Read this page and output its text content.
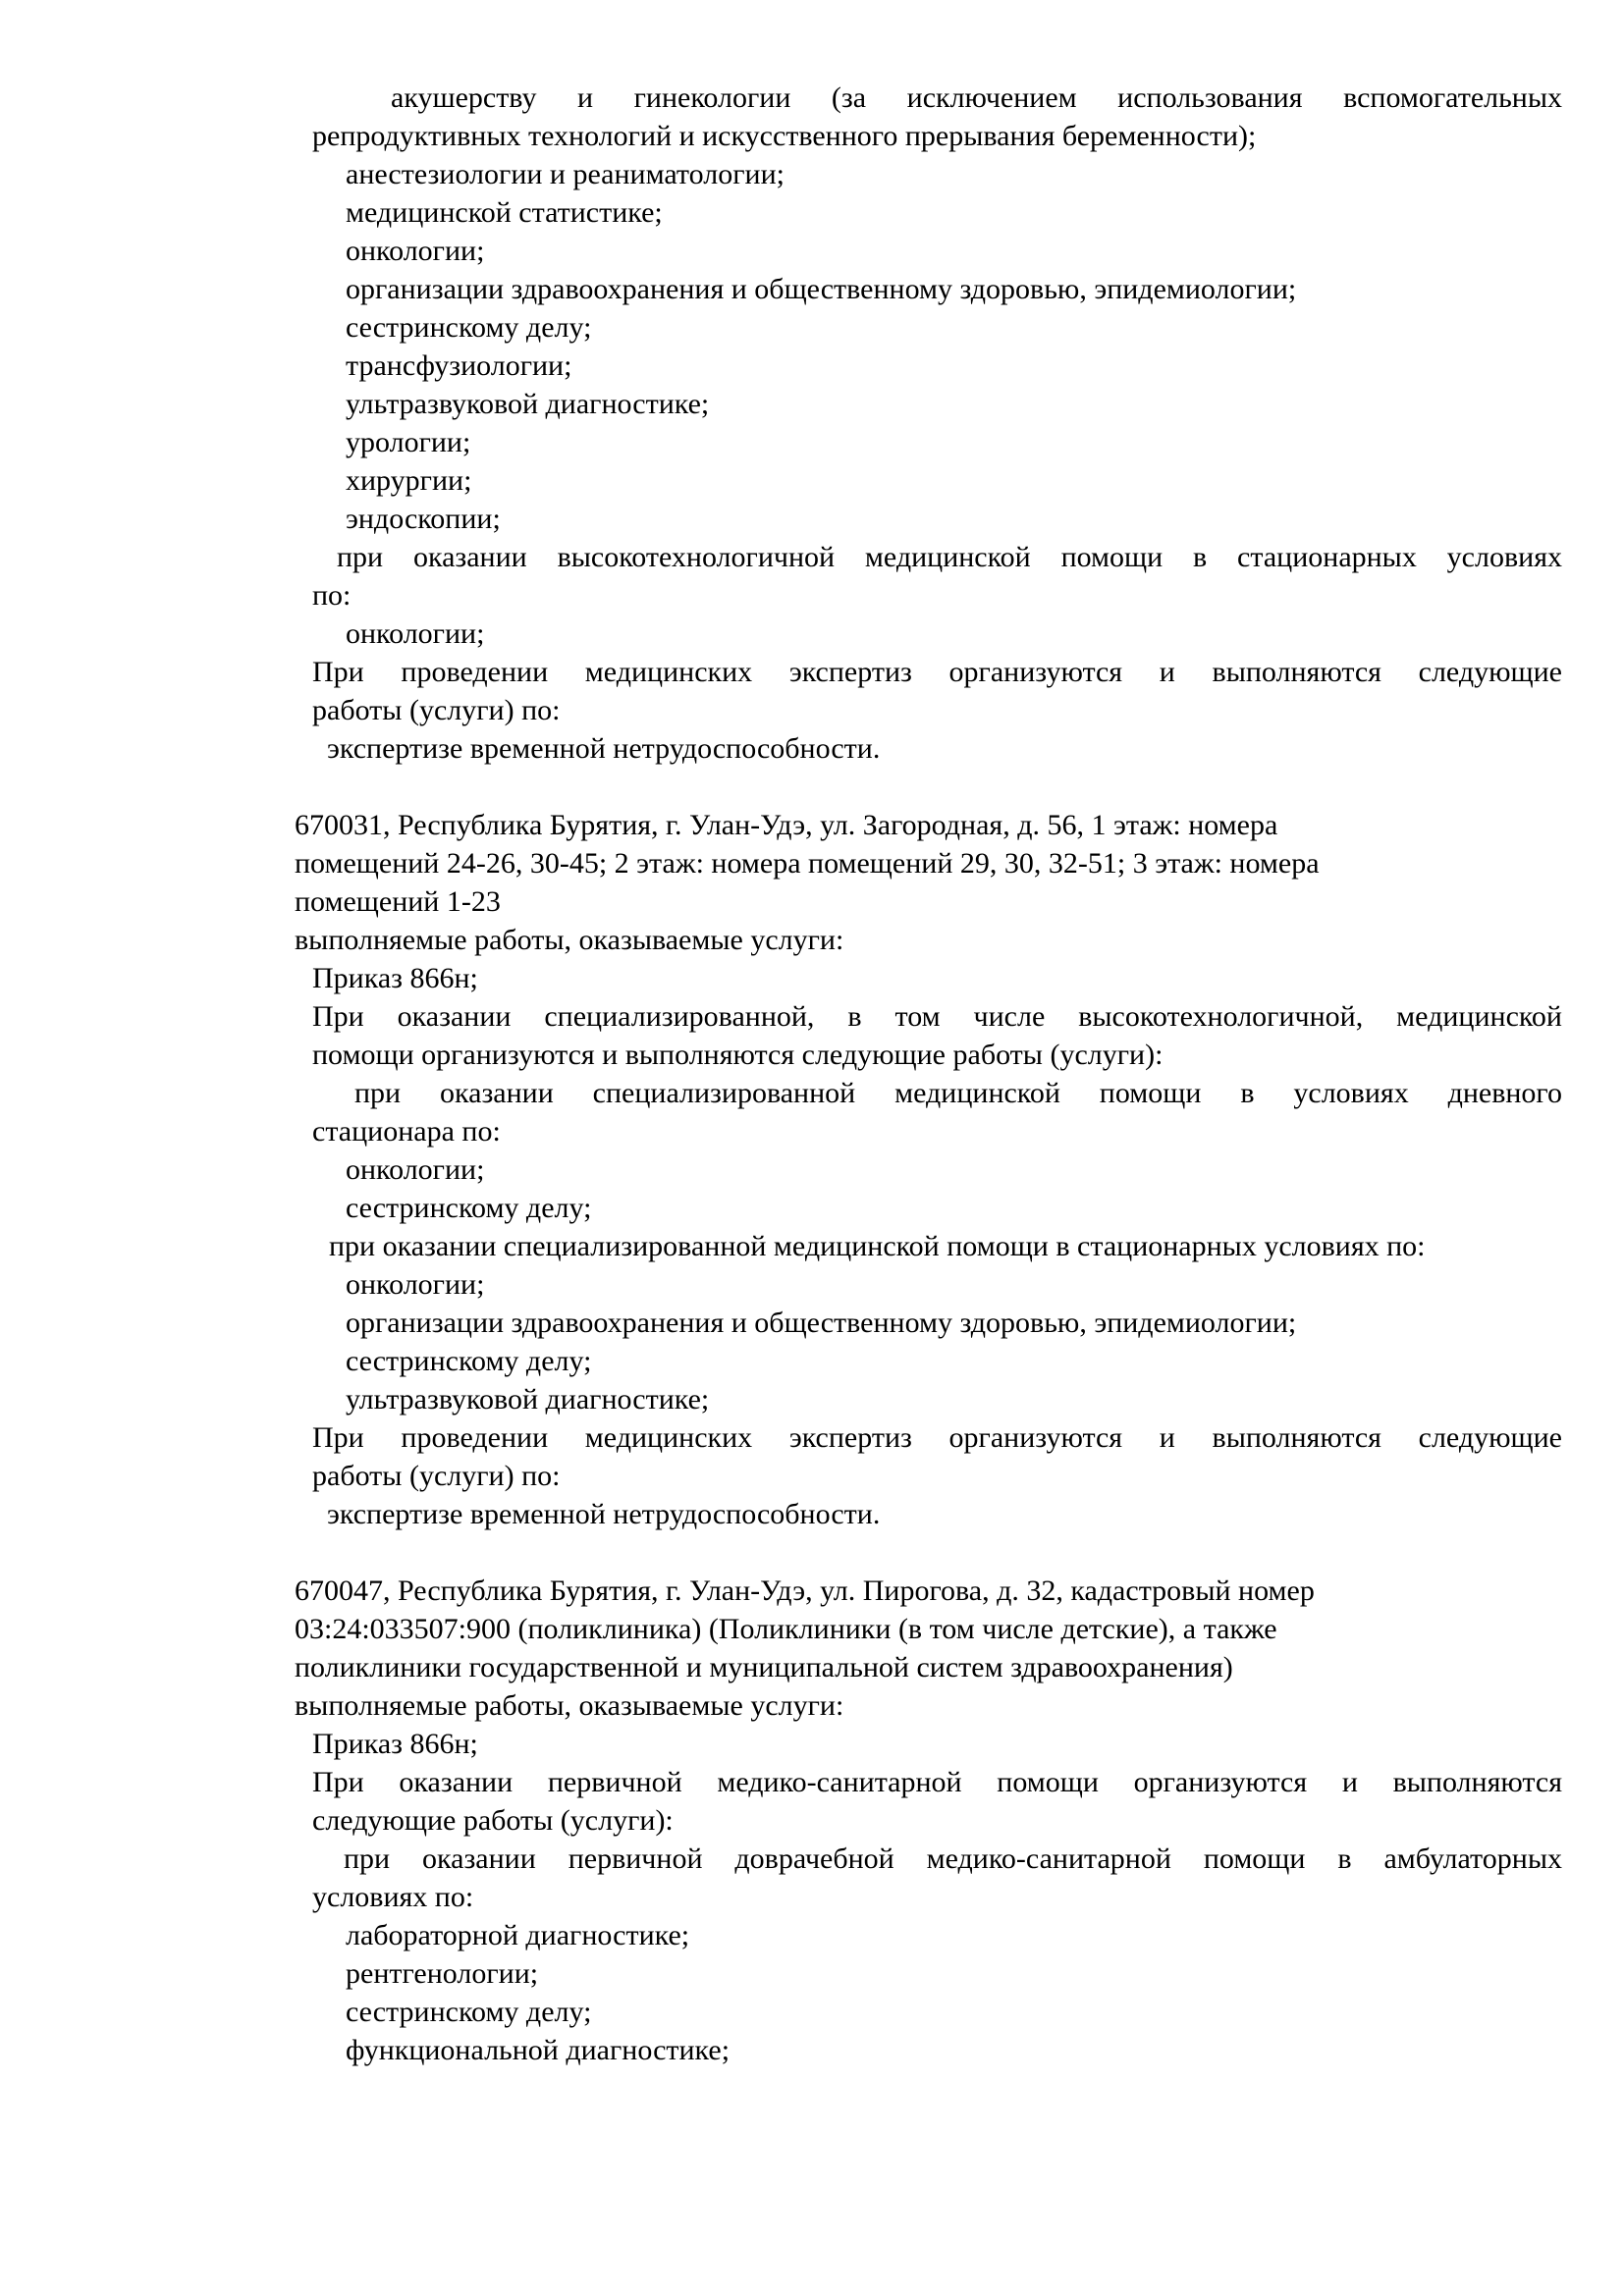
акушерству и гинекологии (за исключением использования вспомогательных
репродуктивных технологий и искусственного прерывания беременности);
анестезиологии и реаниматологии;
медицинской статистике;
онкологии;
организации здравоохранения и общественному здоровью, эпидемиологии;
сестринскому делу;
трансфузиологии;
ультразвуковой диагностике;
урологии;
хирургии;
эндоскопии;
при оказании высокотехнологичной медицинской помощи в стационарных условиях
по:
онкологии;
При проведении медицинских экспертиз организуются и выполняются следующие
работы (услуги) по:
экспертизе временной нетрудоспособности.
670031, Республика Бурятия, г. Улан-Удэ, ул. Загородная, д. 56, 1 этаж: номера
помещений 24-26, 30-45; 2 этаж: номера помещений 29, 30, 32-51; 3 этаж: номера
помещений 1-23
выполняемые работы, оказываемые услуги:
Приказ 866н;
При оказании специализированной, в том числе высокотехнологичной, медицинской
помощи организуются и выполняются следующие работы (услуги):
при оказании специализированной медицинской помощи в условиях дневного
стационара по:
онкологии;
сестринскому делу;
при оказании специализированной медицинской помощи в стационарных условиях по:
онкологии;
организации здравоохранения и общественному здоровью, эпидемиологии;
сестринскому делу;
ультразвуковой диагностике;
При проведении медицинских экспертиз организуются и выполняются следующие
работы (услуги) по:
экспертизе временной нетрудоспособности.
670047, Республика Бурятия, г. Улан-Удэ, ул. Пирогова, д. 32, кадастровый номер
03:24:033507:900 (поликлиника) (Поликлиники (в том числе детские), а также
поликлиники государственной и муниципальной систем здравоохранения)
выполняемые работы, оказываемые услуги:
Приказ 866н;
При оказании первичной медико-санитарной помощи организуются и выполняются
следующие работы (услуги):
при оказании первичной доврачебной медико-санитарной помощи в амбулаторных
условиях по:
лабораторной диагностике;
рентгенологии;
сестринскому делу;
функциональной диагностике;
